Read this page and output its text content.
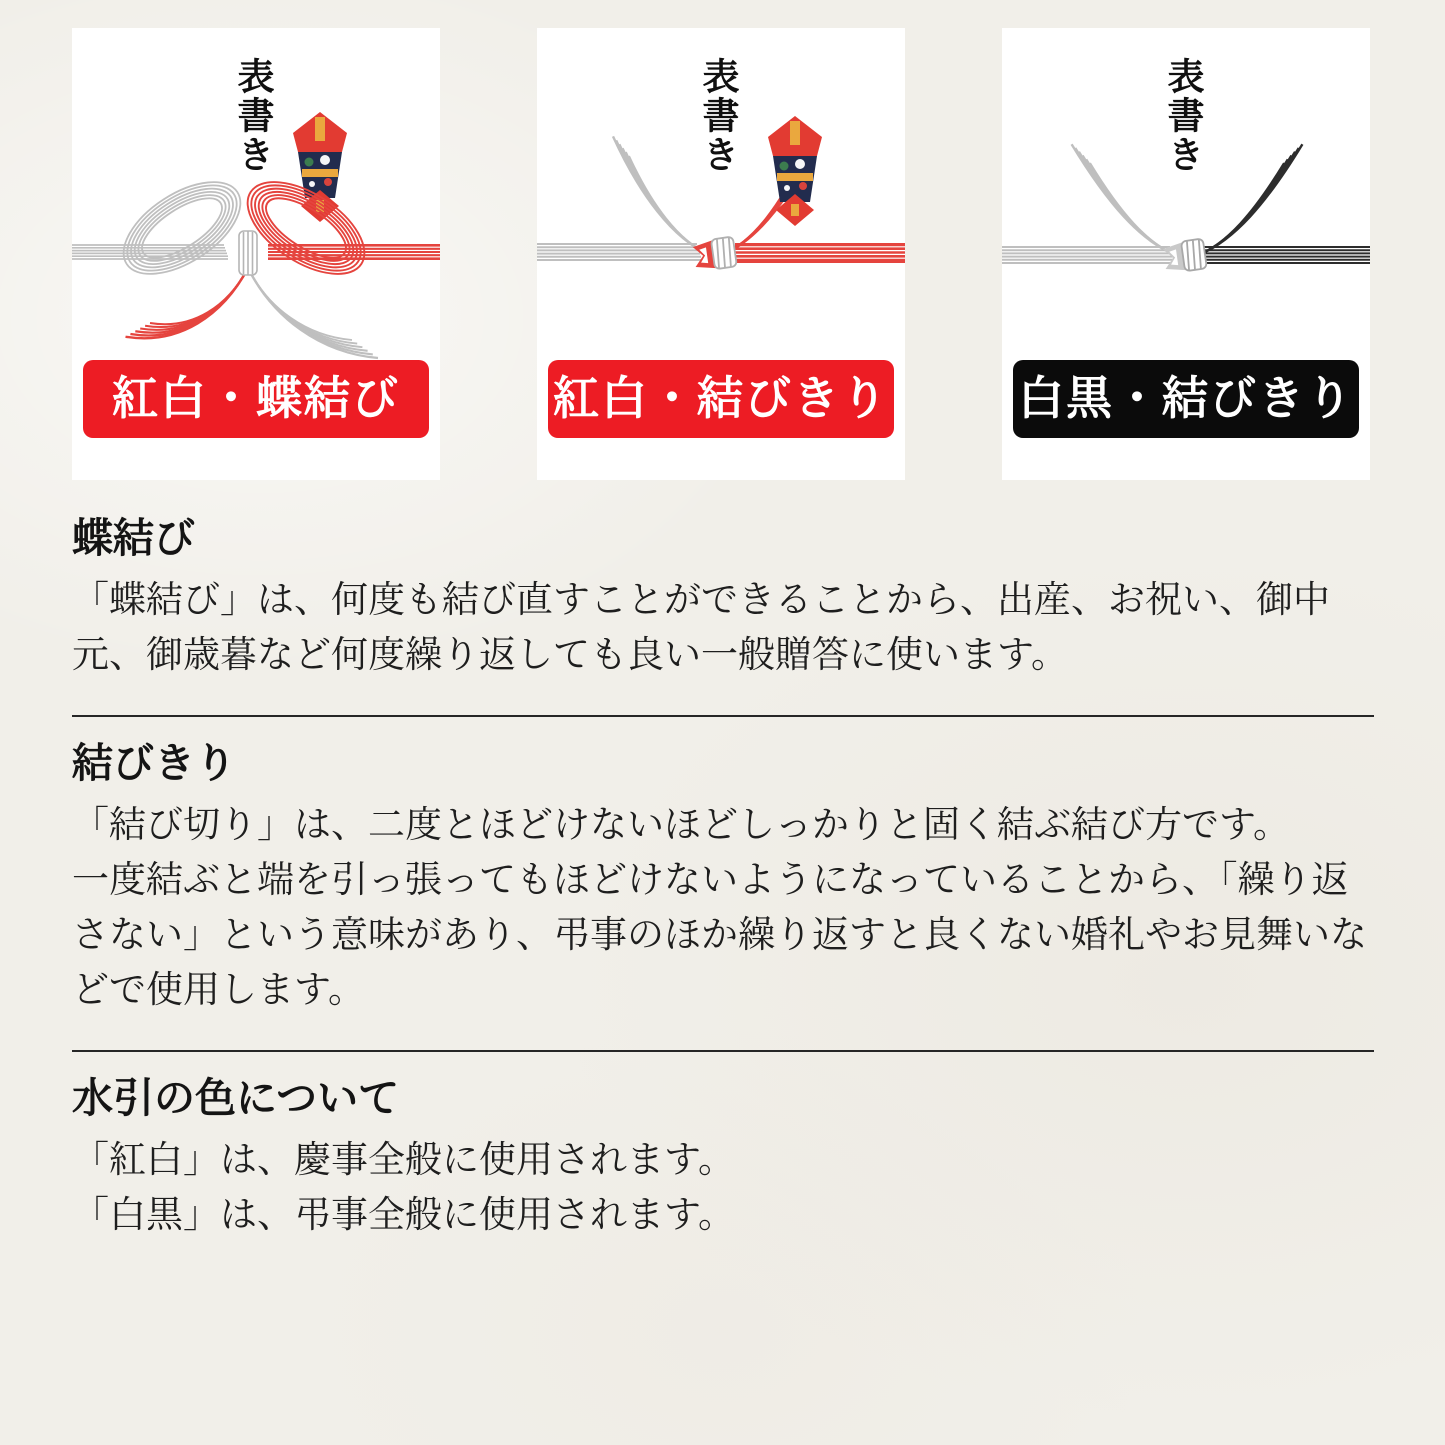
表書き
紅白・蝶結び
表書き
紅白・結びきり
表書き
白黒・結びきり
蝶結び

「蝶結び」は、何度も結び直すことができることから、出産、お祝い、御中元、御歳暮など何度繰り返しても良い一般贈答に使います。

結びきり

「結び切り」は、二度とほどけないほどしっかりと固く結ぶ結び方です。

一度結ぶと端を引っ張ってもほどけないようになっていることから、「繰り返さない」という意味があり、弔事のほか繰り返すと良くない婚礼やお見舞いなどで使用します。

水引の色について

「紅白」は、慶事全般に使用されます。

「白黒」は、弔事全般に使用されます。
